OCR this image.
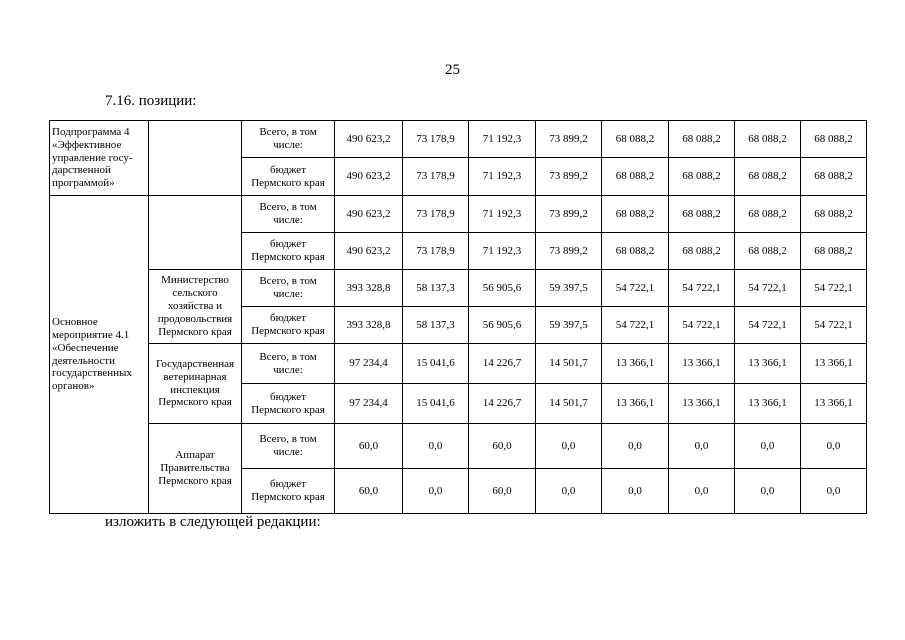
25
7.16. позиции:
Подпрограмма 4 «Эффективное управление госу-дарственной программой»		Всего, в том числе:	490 623,2	73 178,9	71 192,3	73 899,2	68 088,2	68 088,2	68 088,2	68 088,2
		бюджет Пермского края	490 623,2	73 178,9	71 192,3	73 899,2	68 088,2	68 088,2	68 088,2	68 088,2
Основное мероприятие 4.1 «Обеспечение деятельности государственных органов»		Всего, в том числе:	490 623,2	73 178,9	71 192,3	73 899,2	68 088,2	68 088,2	68 088,2	68 088,2
		бюджет Пермского края	490 623,2	73 178,9	71 192,3	73 899,2	68 088,2	68 088,2	68 088,2	68 088,2
	Министерство сельского хозяйства и продовольствия Пермского края	Всего, в том числе:	393 328,8	58 137,3	56 905,6	59 397,5	54 722,1	54 722,1	54 722,1	54 722,1
		бюджет Пермского края	393 328,8	58 137,3	56 905,6	59 397,5	54 722,1	54 722,1	54 722,1	54 722,1
	Государственная ветеринарная инспекция Пермского края	Всего, в том числе:	97 234,4	15 041,6	14 226,7	14 501,7	13 366,1	13 366,1	13 366,1	13 366,1
		бюджет Пермского края	97 234,4	15 041,6	14 226,7	14 501,7	13 366,1	13 366,1	13 366,1	13 366,1
	Аппарат Правительства Пермского края	Всего, в том числе:	60,0	0,0	60,0	0,0	0,0	0,0	0,0	0,0
		бюджет Пермского края	60,0	0,0	60,0	0,0	0,0	0,0	0,0	0,0
изложить в следующей редакции:
